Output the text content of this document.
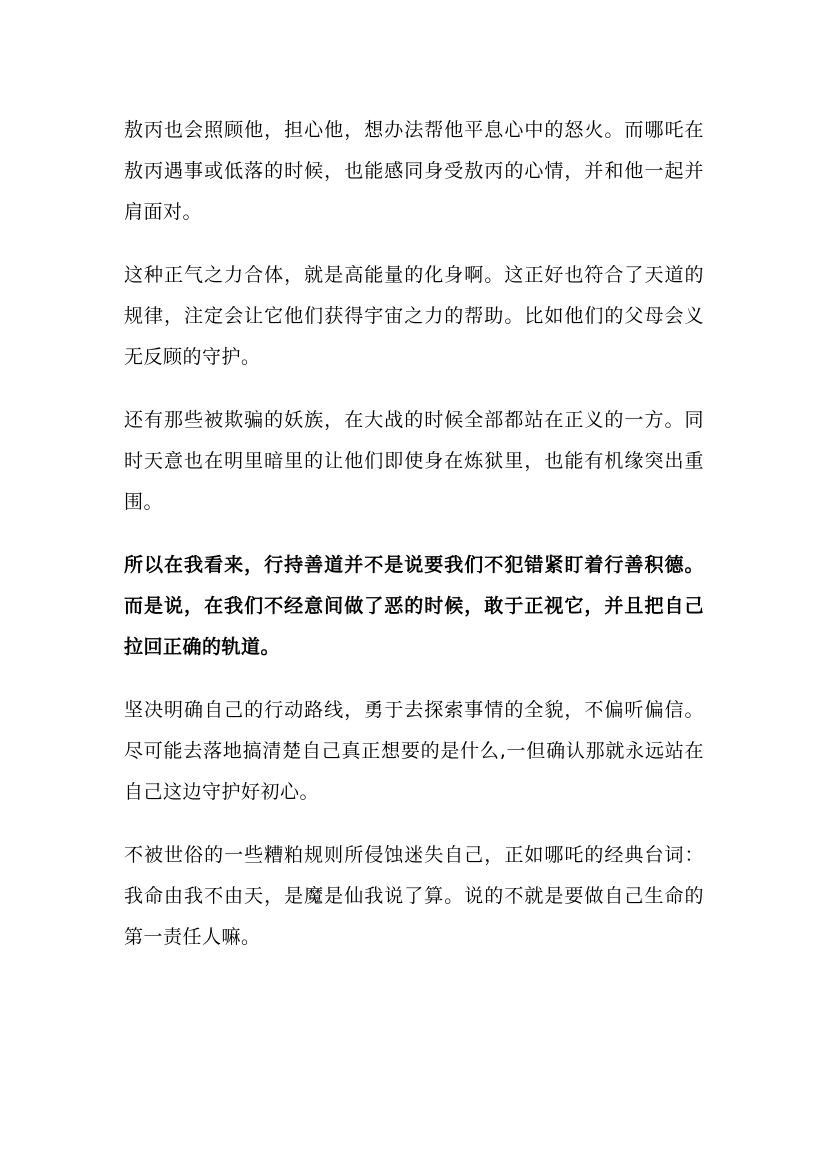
敖丙也会照顾他，担心他，想办法帮他平息心中的怒火。而哪吒在敖丙遇事或低落的时候，也能感同身受敖丙的心情，并和他一起并肩面对。

这种正气之力合体，就是高能量的化身啊。这正好也符合了天道的规律，注定会让它他们获得宇宙之力的帮助。比如他们的父母会义无反顾的守护。

还有那些被欺骗的妖族，在大战的时候全部都站在正义的一方。同时天意也在明里暗里的让他们即使身在炼狱里，也能有机缘突出重围。

所以在我看来，行持善道并不是说要我们不犯错紧盯着行善积德。而是说，在我们不经意间做了恶的时候，敢于正视它，并且把自己拉回正确的轨道。

坚决明确自己的行动路线，勇于去探索事情的全貌，不偏听偏信。尽可能去落地搞清楚自己真正想要的是什么,一但确认那就永远站在自己这边守护好初心。

不被世俗的一些糟粕规则所侵蚀迷失自己，正如哪吒的经典台词：我命由我不由天，是魔是仙我说了算。说的不就是要做自己生命的第一责任人嘛。
